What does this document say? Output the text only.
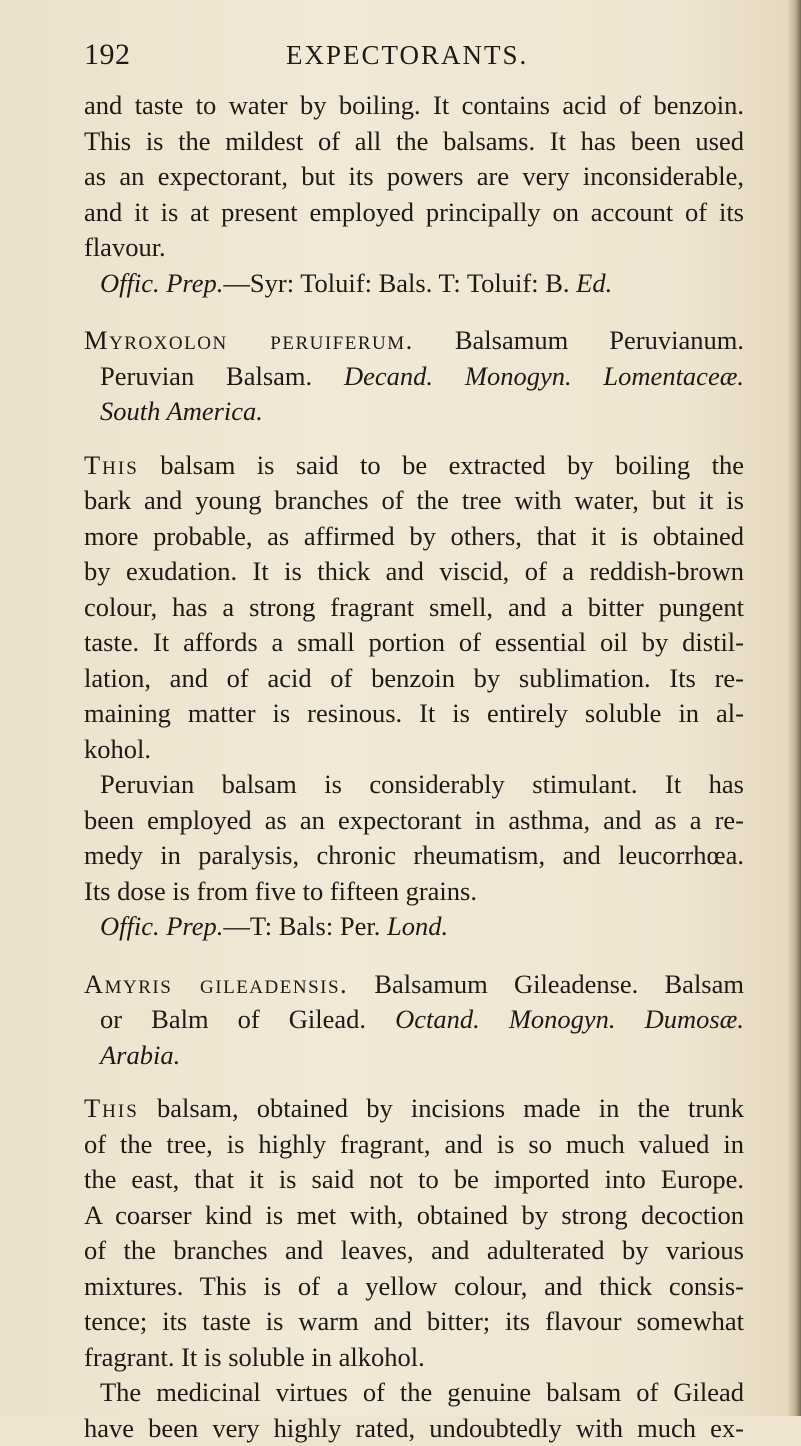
192	EXPECTORANTS.
and taste to water by boiling. It contains acid of benzoin.
This is the mildest of all the balsams. It has been used
as an expectorant, but its powers are very inconsiderable,
and it is at present employed principally on account of its
flavour.
Offic. Prep.—Syr: Toluif: Bals. T: Toluif: B. Ed.
Myroxolon peruiferum. Balsamum Peruvianum.
Peruvian Balsam. Decand. Monogyn. Lomentaceæ.
South America.
This balsam is said to be extracted by boiling the
bark and young branches of the tree with water, but it is
more probable, as affirmed by others, that it is obtained
by exudation. It is thick and viscid, of a reddish-brown
colour, has a strong fragrant smell, and a bitter pungent
taste. It affords a small portion of essential oil by distil-
lation, and of acid of benzoin by sublimation. Its re-
maining matter is resinous. It is entirely soluble in al-
kohol.
Peruvian balsam is considerably stimulant. It has
been employed as an expectorant in asthma, and as a re-
medy in paralysis, chronic rheumatism, and leucorrhœa.
Its dose is from five to fifteen grains.
Offic. Prep.—T: Bals: Per. Lond.
Amyris gileadensis. Balsamum Gileadense. Balsam
or Balm of Gilead. Octand. Monogyn. Dumosæ.
Arabia.
This balsam, obtained by incisions made in the trunk
of the tree, is highly fragrant, and is so much valued in
the east, that it is said not to be imported into Europe.
A coarser kind is met with, obtained by strong decoction
of the branches and leaves, and adulterated by various
mixtures. This is of a yellow colour, and thick consis-
tence; its taste is warm and bitter; its flavour somewhat
fragrant. It is soluble in alkohol.
The medicinal virtues of the genuine balsam of Gilead
have been very highly rated, undoubtedly with much ex-
